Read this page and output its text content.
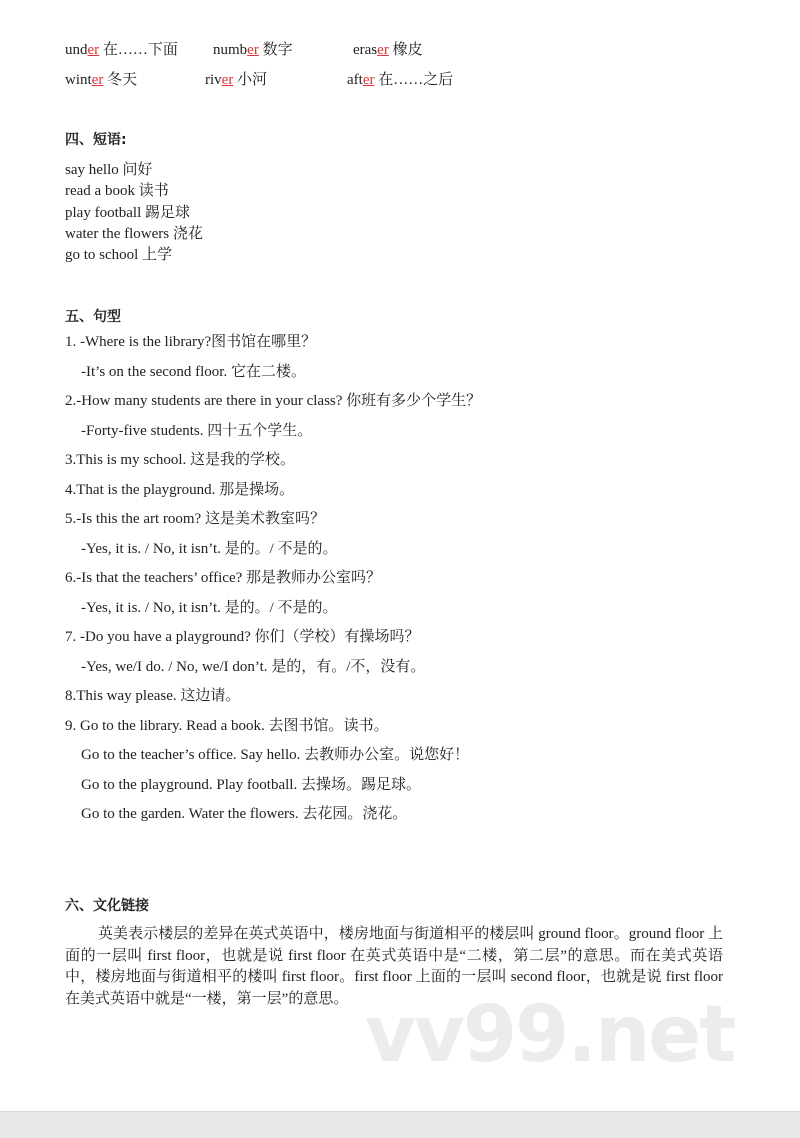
under 在……下面 number 数字	eraser 橡皮
winter 冬天	river 小河	after 在……之后
四、短语:
say hello 问好
read a book 读书
play football 踢足球
water the flowers 浇花
go to school 上学
五、句型
1. -Where is the library?图书馆在哪里？
-It’s on the second floor. 它在二楼。
2.-How many students are there in your class? 你班有多少个学生？
-Forty-five students. 四十五个学生。
3.This is my school. 这是我的学校。
4.That is the playground. 那是操场。
5.-Is this the art room? 这是美术教室吗？
-Yes, it is. / No, it isn’t. 是的。/ 不是的。
6.-Is that the teachers’ office? 那是教师办公室吗？
-Yes, it is. / No, it isn’t. 是的。/ 不是的。
7. -Do you have a playground? 你们（学校）有操场吗？
-Yes, we/I do. / No, we/I don’t. 是的，有。/不，没有。
8.This way please. 这边请。
9. Go to the library. Read a book. 去图书馆。读书。
Go to the teacher’s office. Say hello. 去教师办公室。说您好！
Go to the playground. Play football. 去操场。踢足球。
Go to the garden. Water the flowers. 去花园。浇花。
六、文化链接
英美表示楼层的差异在英式英语中，楼房地面与街道相平的楼层叫 ground floor。ground floor 上面的一层叫 first floor，也就是说 first floor 在英式英语中是“二楼，第二层”的意思。而在美式英语中，楼房地面与街道相平的楼叫 first floor。first floor 上面的一层叫 second floor，也就是说 first floor 在美式英语中就是“一楼，第一层”的意思。 vv99.net
